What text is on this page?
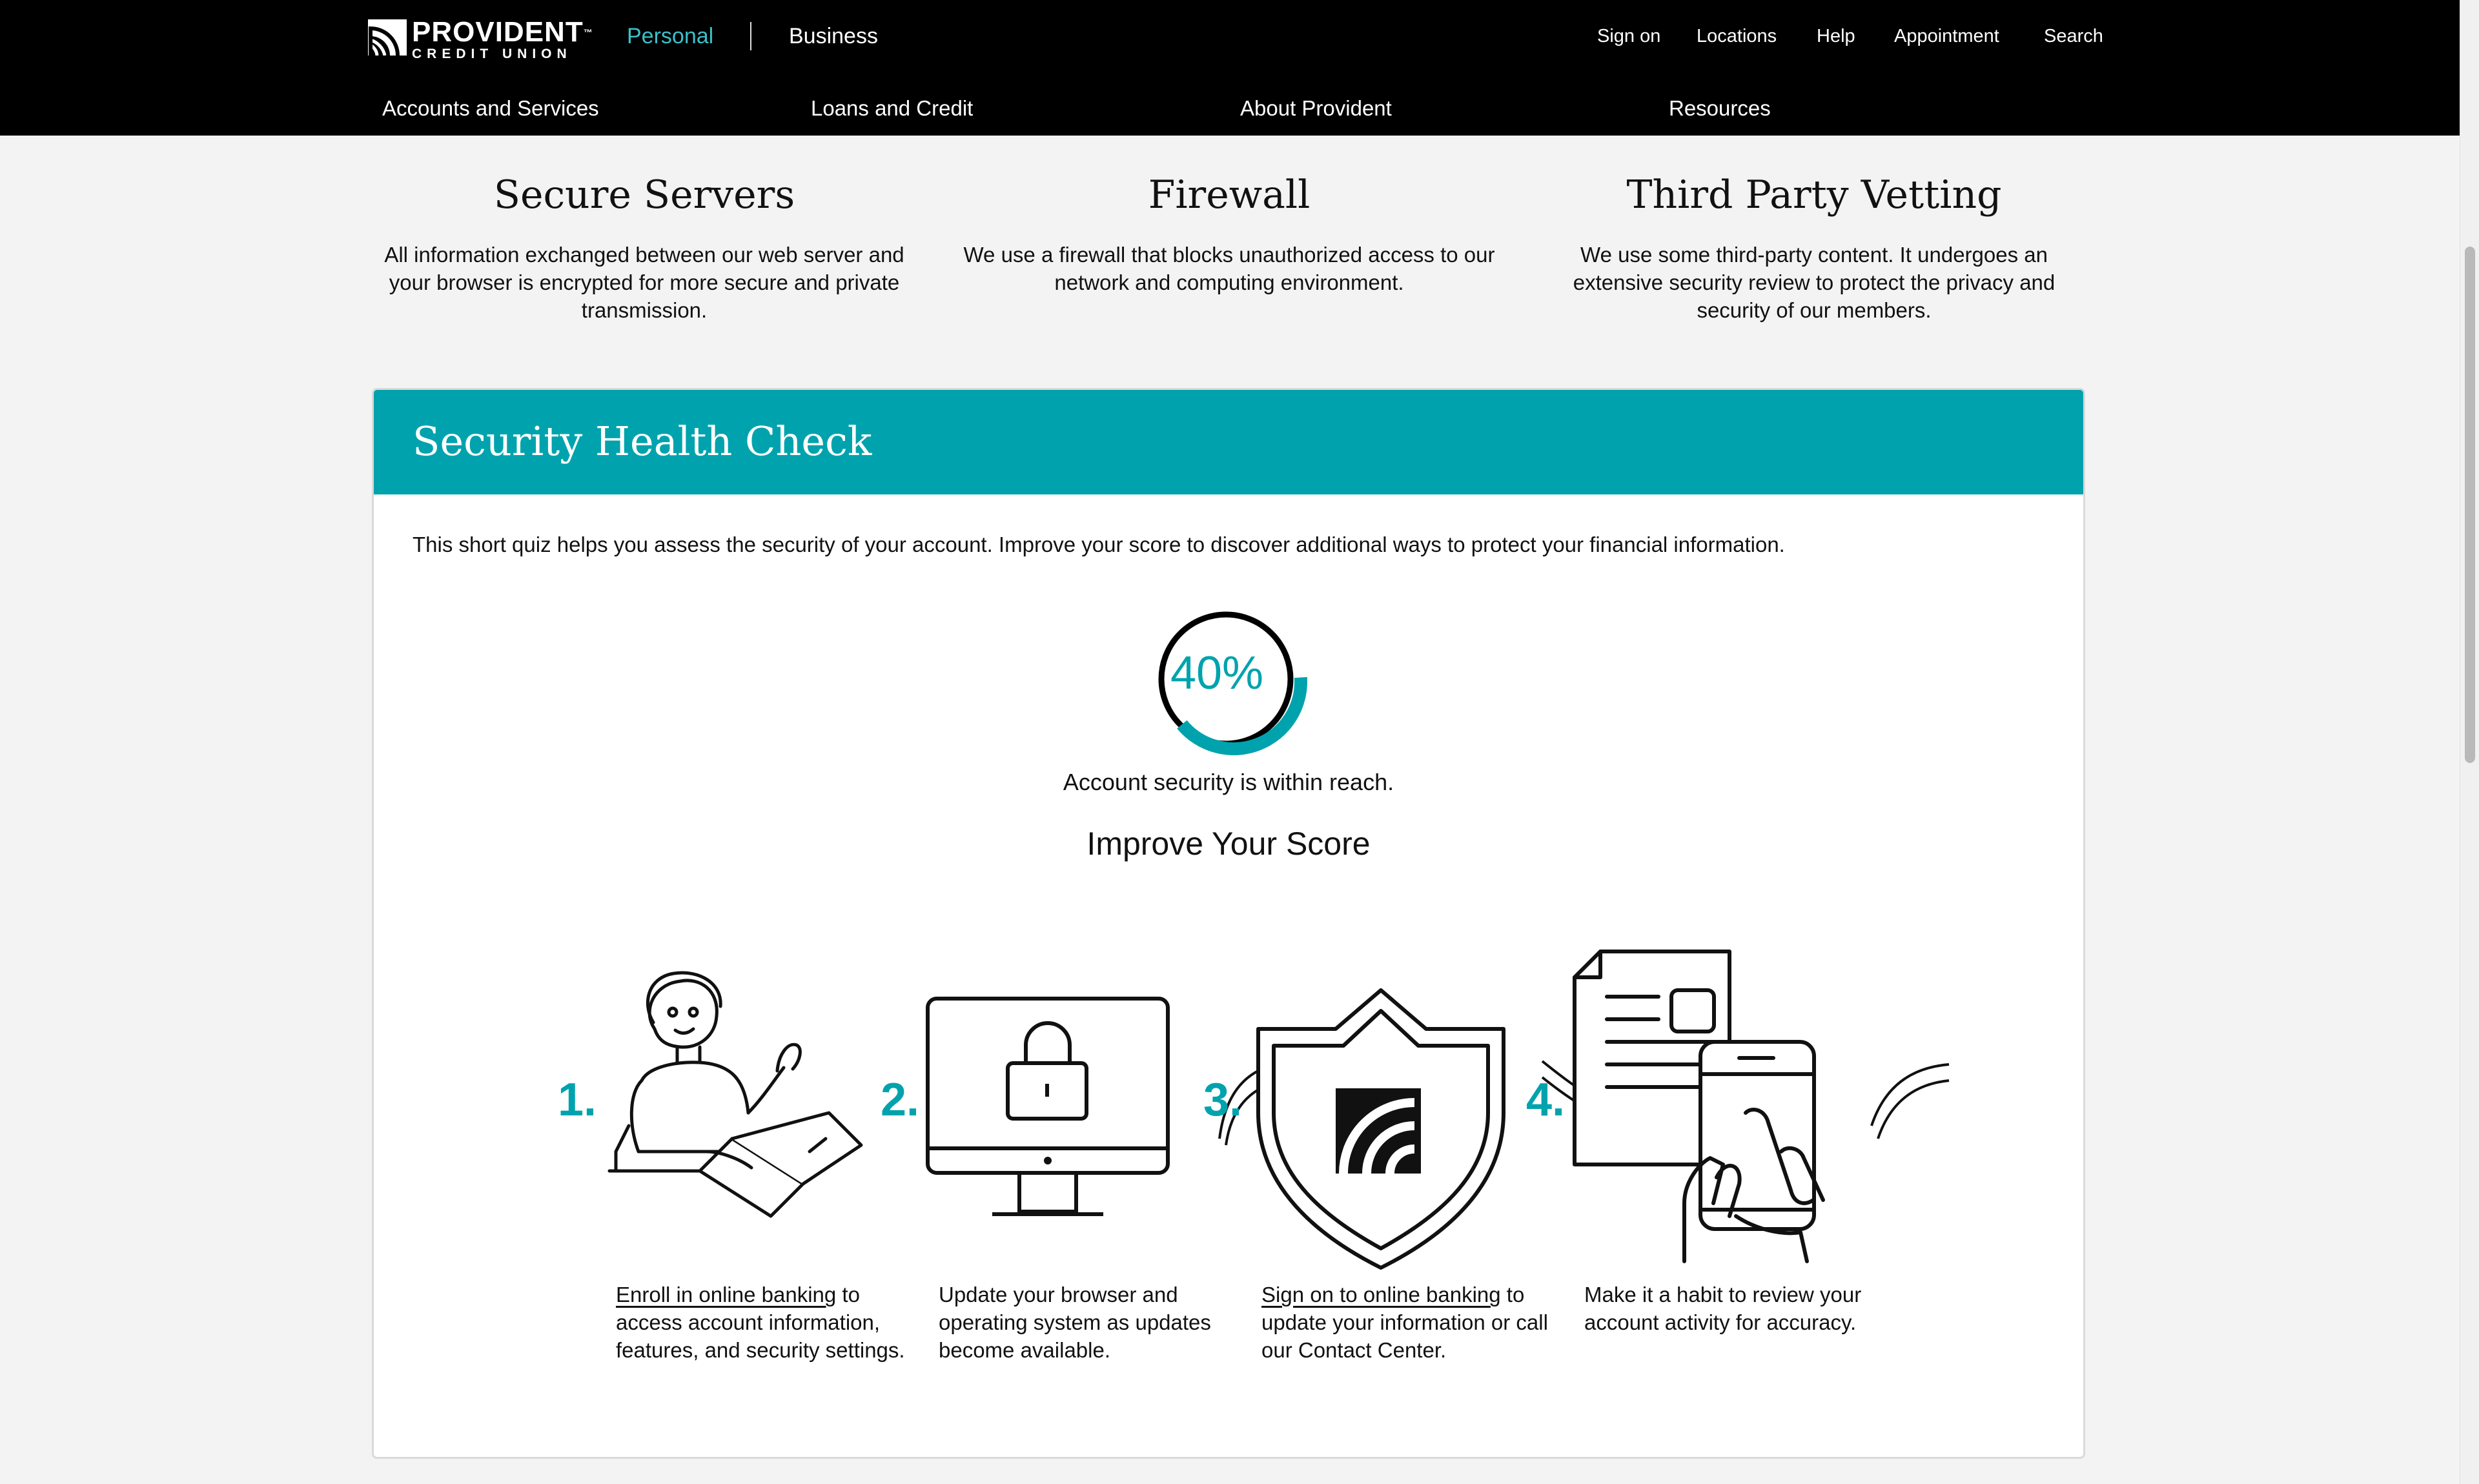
PROVIDENT™
CREDIT UNION
Personal	Business	Sign on Locations Help Appointment Search
Accounts and Services	Loans and Credit	About Provident	Resources
Secure Servers
All information exchanged between our web server and your browser is encrypted for more secure and private transmission.
Firewall
We use a firewall that blocks unauthorized access to our network and computing environment.
Third Party Vetting
We use some third-party content. It undergoes an extensive security review to protect the privacy and security of our members.
Security Health Check
This short quiz helps you assess the security of your account. Improve your score to discover additional ways to protect your financial information.
40%
Account security is within reach.
Improve Your Score
1.	2.	3.	4.
Enroll in online banking to access account information, features, and security settings.
Update your browser and operating system as updates become available.
Sign on to online banking to update your information or call our Contact Center.
Make it a habit to review your account activity for accuracy.
